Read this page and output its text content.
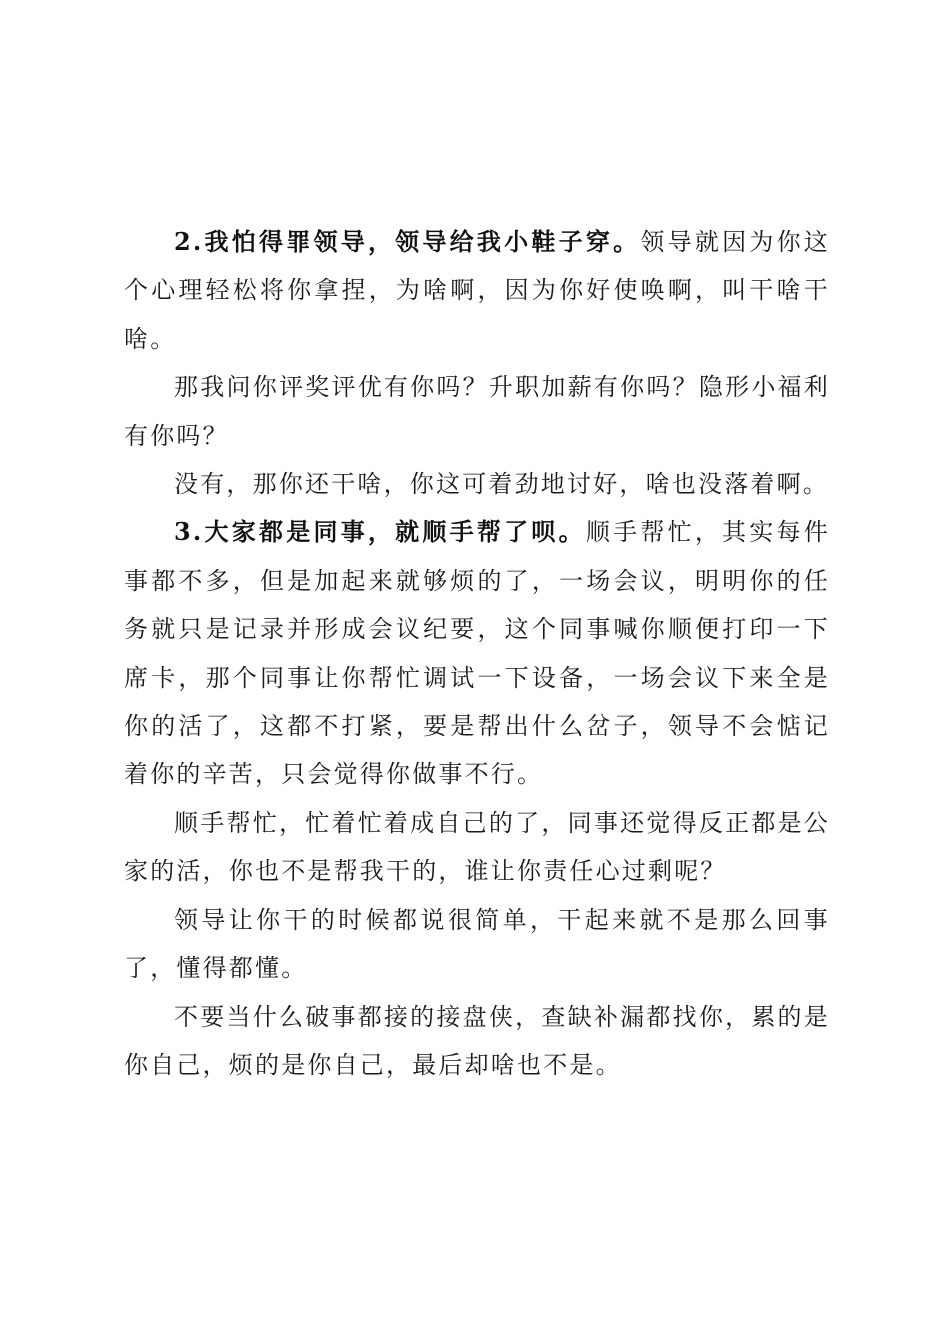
2.我怕得罪领导，领导给我小鞋子穿。领导就因为你这个心理轻松将你拿捏，为啥啊，因为你好使唤啊，叫干啥干啥。

那我问你评奖评优有你吗？升职加薪有你吗？隐形小福利有你吗？

没有，那你还干啥，你这可着劲地讨好，啥也没落着啊。

3.大家都是同事，就顺手帮了呗。顺手帮忙，其实每件事都不多，但是加起来就够烦的了，一场会议，明明你的任务就只是记录并形成会议纪要，这个同事喊你顺便打印一下席卡，那个同事让你帮忙调试一下设备，一场会议下来全是你的活了，这都不打紧，要是帮出什么岔子，领导不会惦记着你的辛苦，只会觉得你做事不行。

顺手帮忙，忙着忙着成自己的了，同事还觉得反正都是公家的活，你也不是帮我干的，谁让你责任心过剩呢？

领导让你干的时候都说很简单，干起来就不是那么回事了，懂得都懂。

不要当什么破事都接的接盘侠，查缺补漏都找你，累的是你自己，烦的是你自己，最后却啥也不是。
